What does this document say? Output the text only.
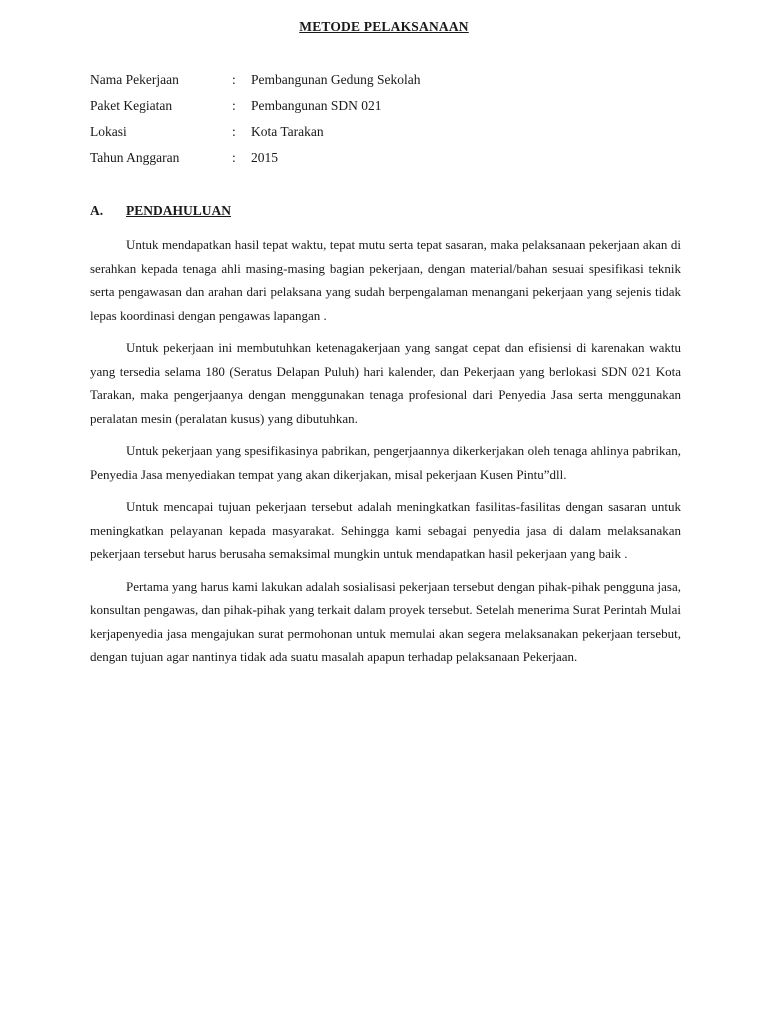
METODE PELAKSANAAN
Nama Pekerjaan	: Pembangunan Gedung Sekolah
Paket Kegiatan	: Pembangunan SDN 021
Lokasi	: Kota Tarakan
Tahun Anggaran	: 2015
A. PENDAHULUAN

Untuk mendapatkan hasil tepat waktu, tepat mutu serta tepat sasaran, maka pelaksanaan pekerjaan akan di serahkan kepada tenaga ahli masing-masing bagian pekerjaan, dengan material/bahan sesuai spesifikasi teknik serta pengawasan dan arahan dari pelaksana yang sudah berpengalaman menangani pekerjaan yang sejenis tidak lepas koordinasi dengan pengawas lapangan .

Untuk pekerjaan ini membutuhkan ketenagakerjaan yang sangat cepat dan efisiensi di karenakan waktu yang tersedia selama 180 (Seratus Delapan Puluh) hari kalender, dan Pekerjaan yang berlokasi SDN 021 Kota Tarakan, maka pengerjaanya dengan menggunakan tenaga profesional dari Penyedia Jasa serta menggunakan peralatan mesin (peralatan kusus) yang dibutuhkan.

Untuk pekerjaan yang spesifikasinya pabrikan, pengerjaannya dikerkerjakan oleh tenaga ahlinya pabrikan, Penyedia Jasa menyediakan tempat yang akan dikerjakan, misal pekerjaan Kusen Pintu”dll.

Untuk mencapai tujuan pekerjaan tersebut adalah meningkatkan fasilitas-fasilitas dengan sasaran untuk meningkatkan pelayanan kepada masyarakat. Sehingga kami sebagai penyedia jasa di dalam melaksanakan pekerjaan tersebut harus berusaha semaksimal mungkin untuk mendapatkan hasil pekerjaan yang baik .

Pertama yang harus kami lakukan adalah sosialisasi pekerjaan tersebut dengan pihak-pihak pengguna jasa, konsultan pengawas, dan pihak-pihak yang terkait dalam proyek tersebut. Setelah menerima Surat Perintah Mulai kerjapenyedia jasa mengajukan surat permohonan untuk memulai akan segera melaksanakan pekerjaan tersebut, dengan tujuan agar nantinya tidak ada suatu masalah apapun terhadap pelaksanaan Pekerjaan.
